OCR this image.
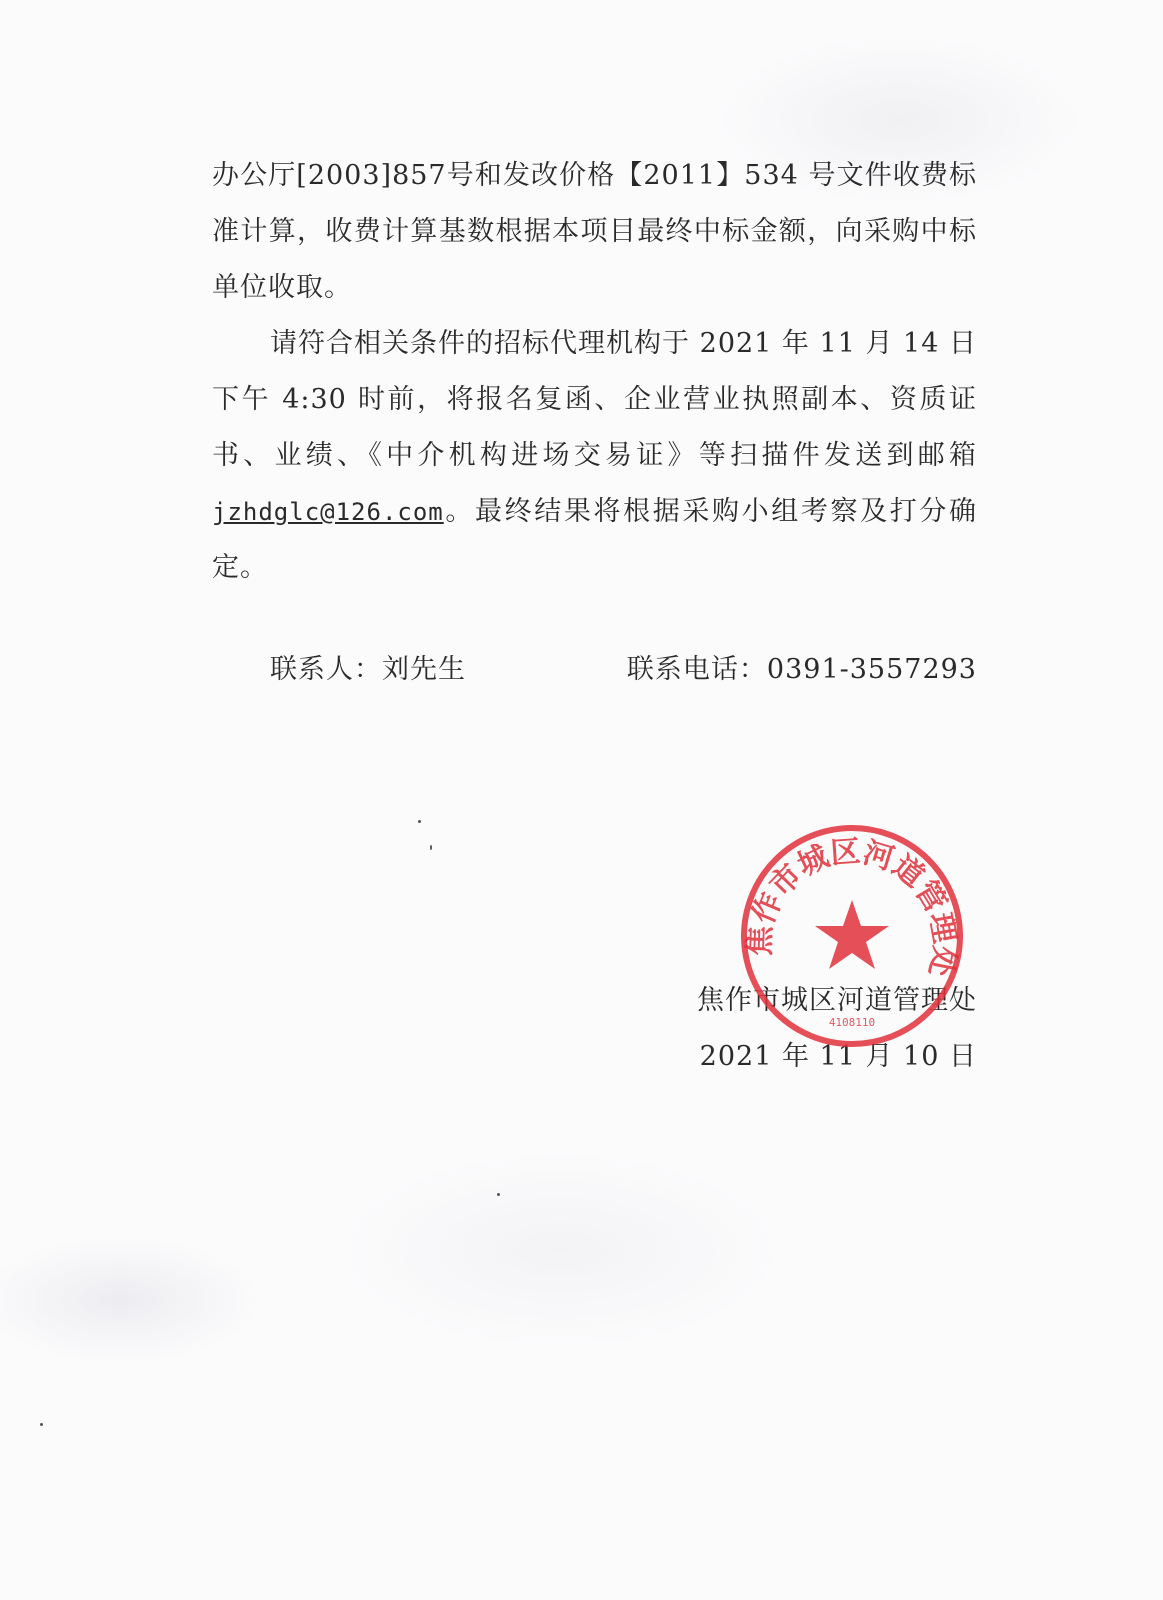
办公厅[2003]857号和发改价格【2011】534 号文件收费标准计算，收费计算基数根据本项目最终中标金额，向采购中标单位收取。

请符合相关条件的招标代理机构于 2021 年 11 月 14 日下午 4:30 时前，将报名复函、企业营业执照副本、资质证书、业绩、《中介机构进场交易证》等扫描件发送到邮箱jzhdglc@126.com。最终结果将根据采购小组考察及打分确定。

联系人：刘先生	联系电话：0391-3557293
焦作市城区河道管理处
2021 年 11 月 10 日
焦作市城区河道管理处
4108110
